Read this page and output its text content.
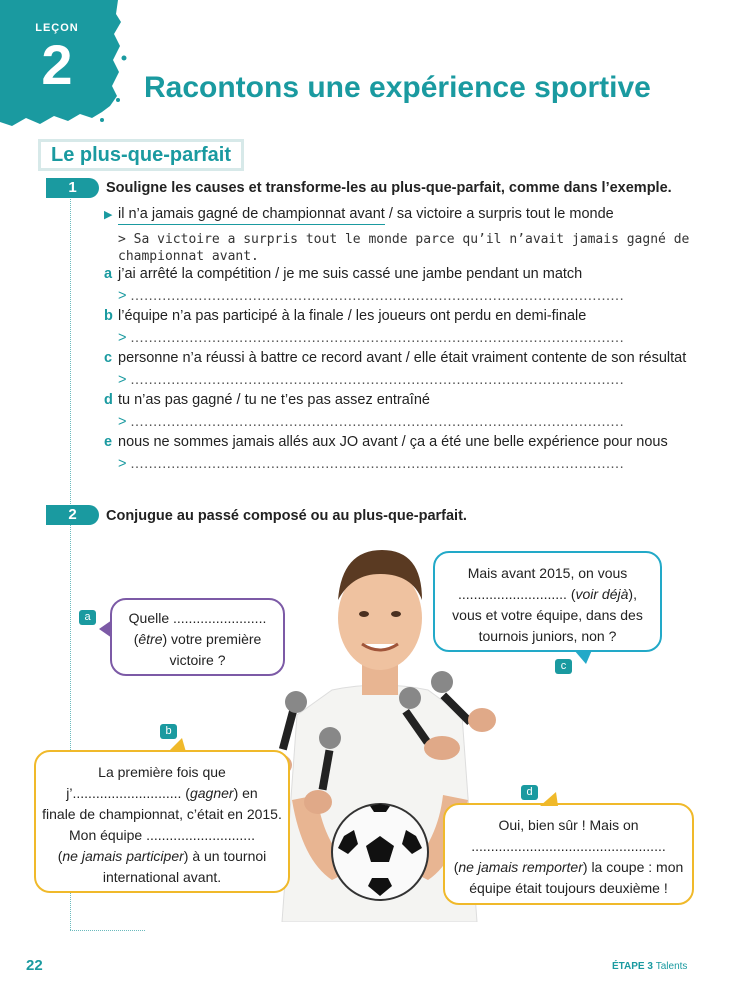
LEÇON
2	Racontons une expérience sportive
Le plus-que-parfait
1	Souligne les causes et transforme-les au plus-que-parfait, comme dans l’exemple.
▶ il n’a jamais gagné de championnat avant / sa victoire a surpris tout le monde
> Sa victoire a surpris tout le monde parce qu’il n’avait jamais gagné de
championnat avant.
a j’ai arrêté la compétition / je me suis cassé une jambe pendant un match
> .............................................................................................................
b l’équipe n’a pas participé à la finale / les joueurs ont perdu en demi-finale
> .............................................................................................................
c personne n’a réussi à battre ce record avant / elle était vraiment contente de son résultat
> .............................................................................................................
d tu n’as pas gagné / tu ne t’es pas assez entraîné
> .............................................................................................................
e nous ne sommes jamais allés aux JO avant / ça a été une belle expérience pour nous
> .............................................................................................................
2	Conjugue au passé composé ou au plus-que-parfait.
Quelle ........................
(être) votre première
victoire ?
a
Mais avant 2015, on vous
............................ (voir déjà),
vous et votre équipe, dans des
tournois juniors, non ?
c
La première fois que
j’............................ (gagner) en
finale de championnat, c’était en 2015.
Mon équipe ............................
(ne jamais participer) à un tournoi
international avant.
b
Oui, bien sûr ! Mais on
..................................................
(ne jamais remporter) la coupe : mon
équipe était toujours deuxième !
d
22	ÉTAPE 3 Talents
